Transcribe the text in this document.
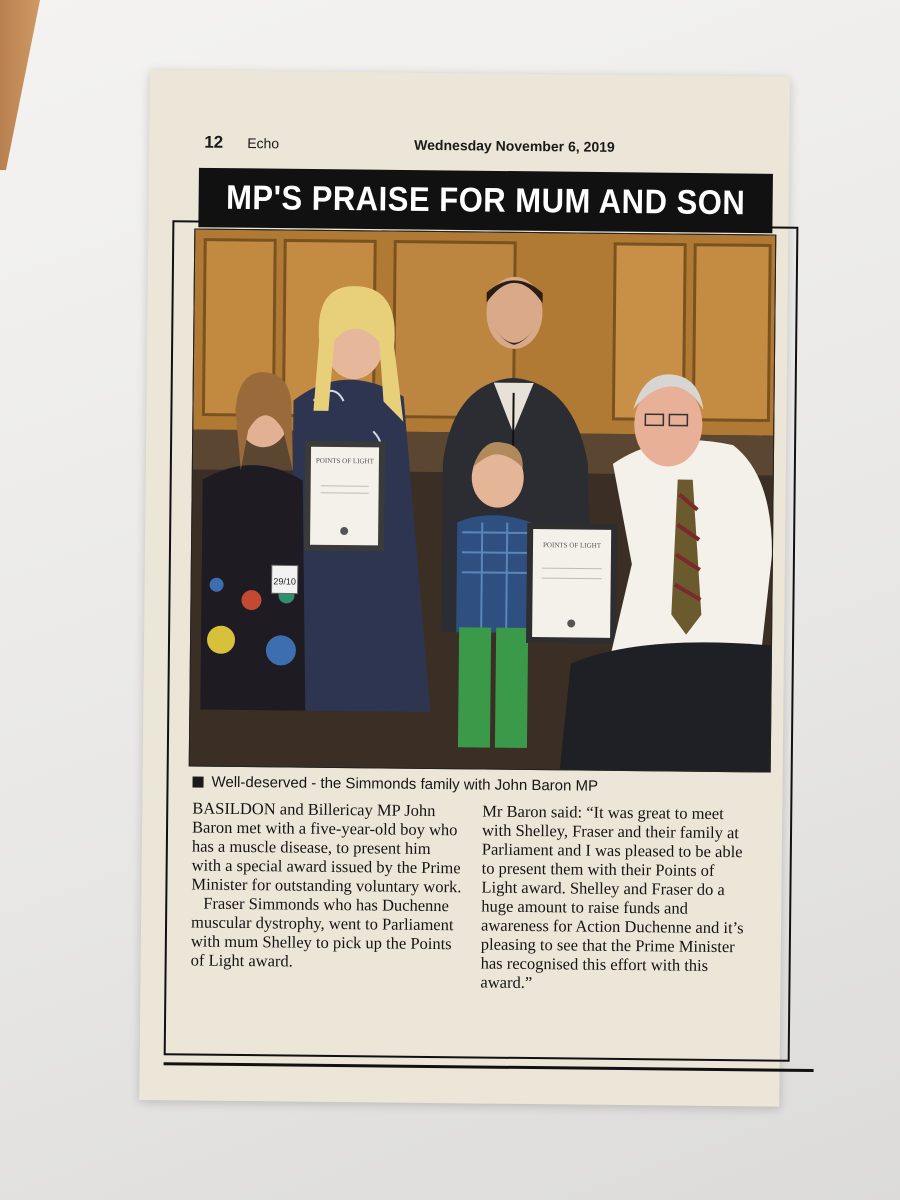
12 Echo	Wednesday November 6, 2019
MP'S PRAISE FOR MUM AND SON
29/10
POINTS OF LIGHT
POINTS OF LIGHT
Well-deserved - the Simmonds family with John Baron MP

BASILDON and Billericay MP John Baron met with a five-year-old boy who has a muscle disease, to present him with a special award issued by the Prime Minister for outstanding voluntary work.

Fraser Simmonds who has Duchenne muscular dystrophy, went to Parliament with mum Shelley to pick up the Points of Light award.

Mr Baron said: “It was great to meet with Shelley, Fraser and their family at Parliament and I was pleased to be able to present them with their Points of Light award. Shelley and Fraser do a huge amount to raise funds and awareness for Action Duchenne and it’s pleasing to see that the Prime Minister has recognised this effort with this award.”
